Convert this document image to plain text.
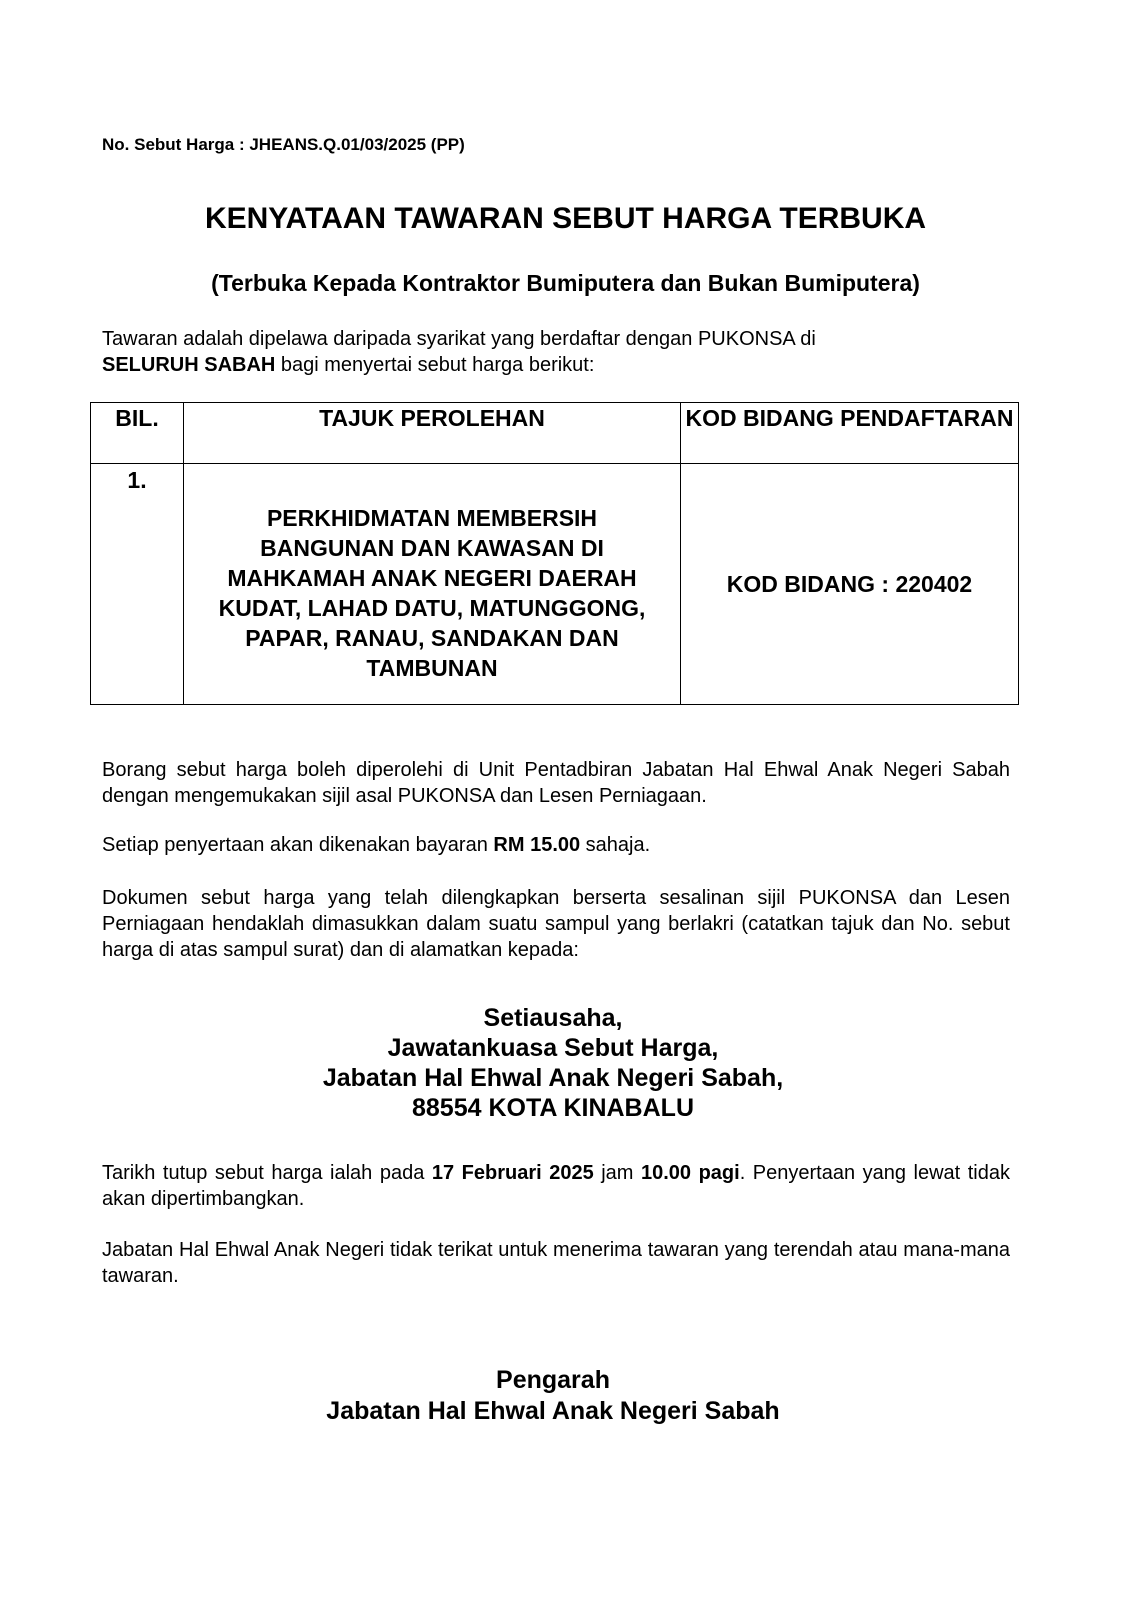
No. Sebut Harga : JHEANS.Q.01/03/2025 (PP)
KENYATAAN TAWARAN SEBUT HARGA TERBUKA
(Terbuka Kepada Kontraktor Bumiputera dan Bukan Bumiputera)
Tawaran adalah dipelawa daripada syarikat yang berdaftar dengan PUKONSA di
SELURUH SABAH bagi menyertai sebut harga berikut:
BIL.	TAJUK PEROLEHAN	KOD BIDANG PENDAFTARAN

1.	PERKHIDMATAN MEMBERSIH BANGUNAN DAN KAWASAN DI MAHKAMAH ANAK NEGERI DAERAH KUDAT, LAHAD DATU, MATUNGGONG, PAPAR, RANAU, SANDAKAN DAN TAMBUNAN	KOD BIDANG : 220402
Borang sebut harga boleh diperolehi di Unit Pentadbiran Jabatan Hal Ehwal Anak Negeri Sabah dengan mengemukakan sijil asal PUKONSA dan Lesen Perniagaan.
Setiap penyertaan akan dikenakan bayaran RM 15.00 sahaja.
Dokumen sebut harga yang telah dilengkapkan berserta sesalinan sijil PUKONSA dan Lesen Perniagaan hendaklah dimasukkan dalam suatu sampul yang berlakri (catatkan tajuk dan No. sebut harga di atas sampul surat) dan di alamatkan kepada:
Setiausaha,
Jawatankuasa Sebut Harga,
Jabatan Hal Ehwal Anak Negeri Sabah,
88554 KOTA KINABALU
Tarikh tutup sebut harga ialah pada 17 Februari 2025 jam 10.00 pagi. Penyertaan yang lewat tidak akan dipertimbangkan.
Jabatan Hal Ehwal Anak Negeri tidak terikat untuk menerima tawaran yang terendah atau mana-mana tawaran.
Pengarah
Jabatan Hal Ehwal Anak Negeri Sabah
